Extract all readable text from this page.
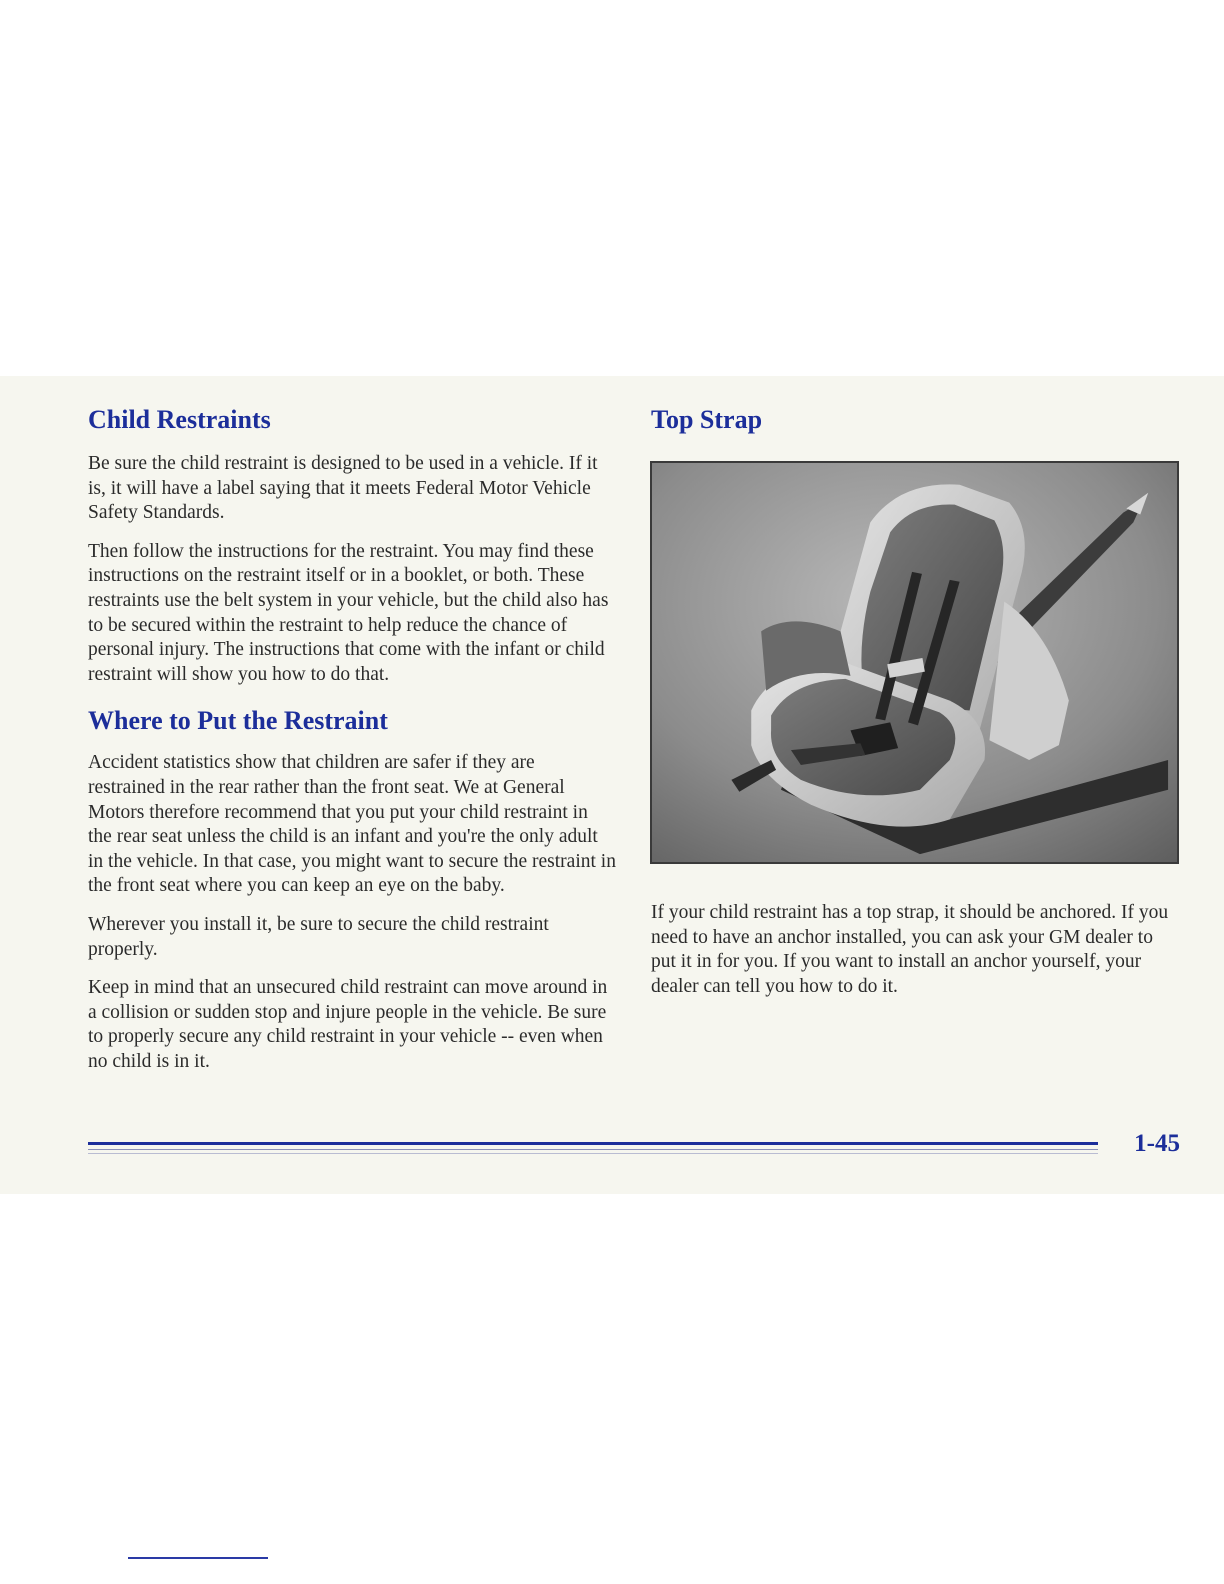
Child Restraints

Be sure the child restraint is designed to be used in a vehicle. If it is, it will have a label saying that it meets Federal Motor Vehicle Safety Standards.

Then follow the instructions for the restraint. You may find these instructions on the restraint itself or in a booklet, or both. These restraints use the belt system in your vehicle, but the child also has to be secured within the restraint to help reduce the chance of personal injury. The instructions that come with the infant or child restraint will show you how to do that.

Where to Put the Restraint

Accident statistics show that children are safer if they are restrained in the rear rather than the front seat. We at General Motors therefore recommend that you put your child restraint in the rear seat unless the child is an infant and you're the only adult in the vehicle. In that case, you might want to secure the restraint in the front seat where you can keep an eye on the baby.

Wherever you install it, be sure to secure the child restraint properly.

Keep in mind that an unsecured child restraint can move around in a collision or sudden stop and injure people in the vehicle. Be sure to properly secure any child restraint in your vehicle -- even when no child is in it.

Top Strap

If your child restraint has a top strap, it should be anchored. If you need to have an anchor installed, you can ask your GM dealer to put it in for you. If you want to install an anchor yourself, your dealer can tell you how to do it.

1-45
